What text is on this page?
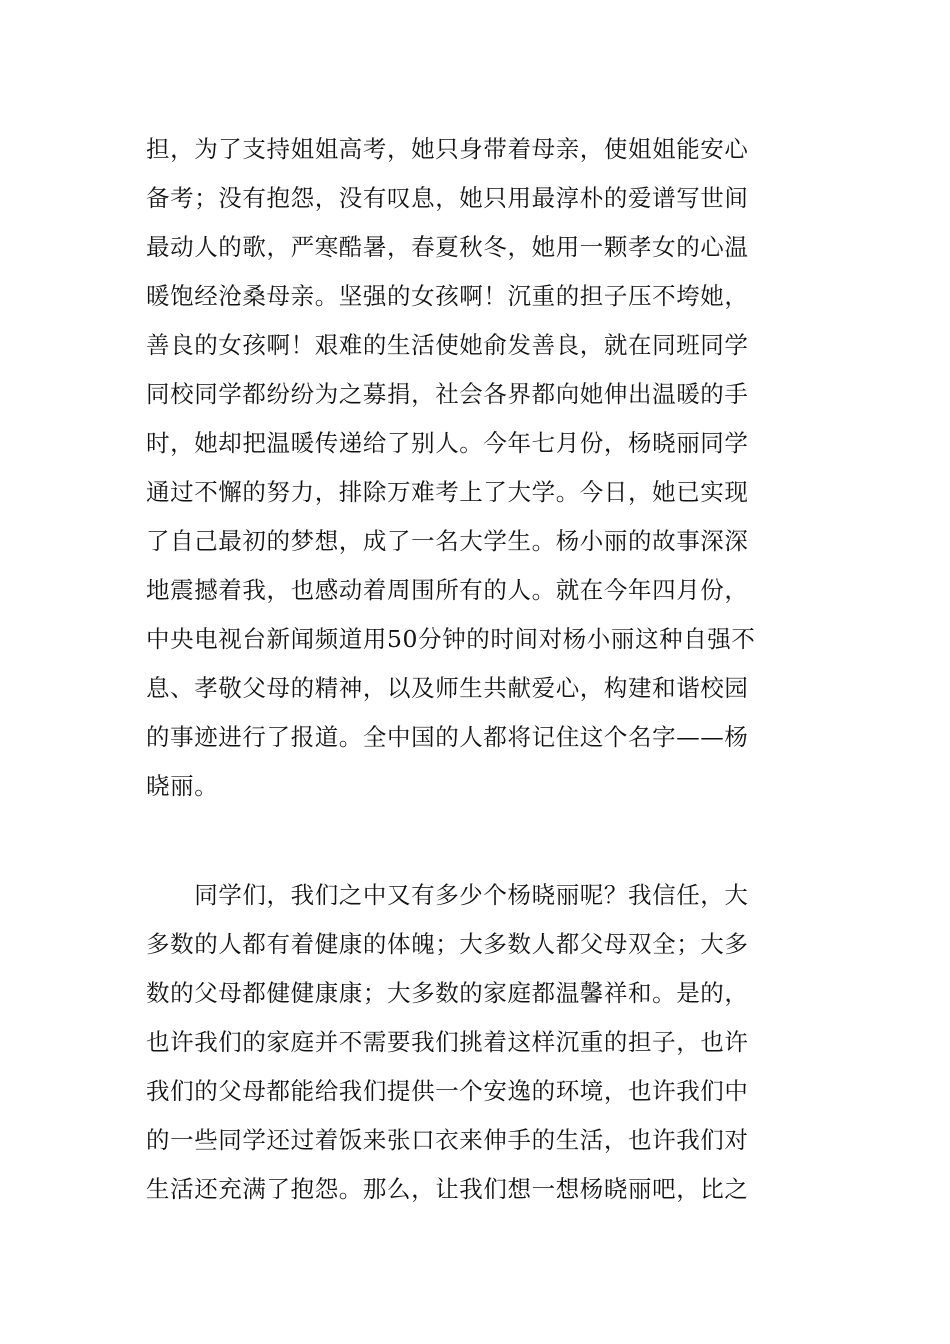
担，为了支持姐姐高考，她只身带着母亲，使姐姐能安心
备考；没有抱怨，没有叹息，她只用最淳朴的爱谱写世间
最动人的歌，严寒酷暑，春夏秋冬，她用一颗孝女的心温
暖饱经沧桑母亲。坚强的女孩啊！沉重的担子压不垮她，
善良的女孩啊！艰难的生活使她俞发善良，就在同班同学
同校同学都纷纷为之募捐，社会各界都向她伸出温暖的手
时，她却把温暖传递给了别人。今年七月份，杨晓丽同学
通过不懈的努力，排除万难考上了大学。今日，她已实现
了自己最初的梦想，成了一名大学生。杨小丽的故事深深
地震撼着我，也感动着周围所有的人。就在今年四月份，
中央电视台新闻频道用50分钟的时间对杨小丽这种自强不
息、孝敬父母的精神，以及师生共献爱心，构建和谐校园
的事迹进行了报道。全中国的人都将记住这个名字——杨
晓丽。
　　同学们，我们之中又有多少个杨晓丽呢？我信任，大
多数的人都有着健康的体魄；大多数人都父母双全；大多
数的父母都健健康康；大多数的家庭都温馨祥和。是的，
也许我们的家庭并不需要我们挑着这样沉重的担子，也许
我们的父母都能给我们提供一个安逸的环境，也许我们中
的一些同学还过着饭来张口衣来伸手的生活，也许我们对
生活还充满了抱怨。那么，让我们想一想杨晓丽吧，比之
